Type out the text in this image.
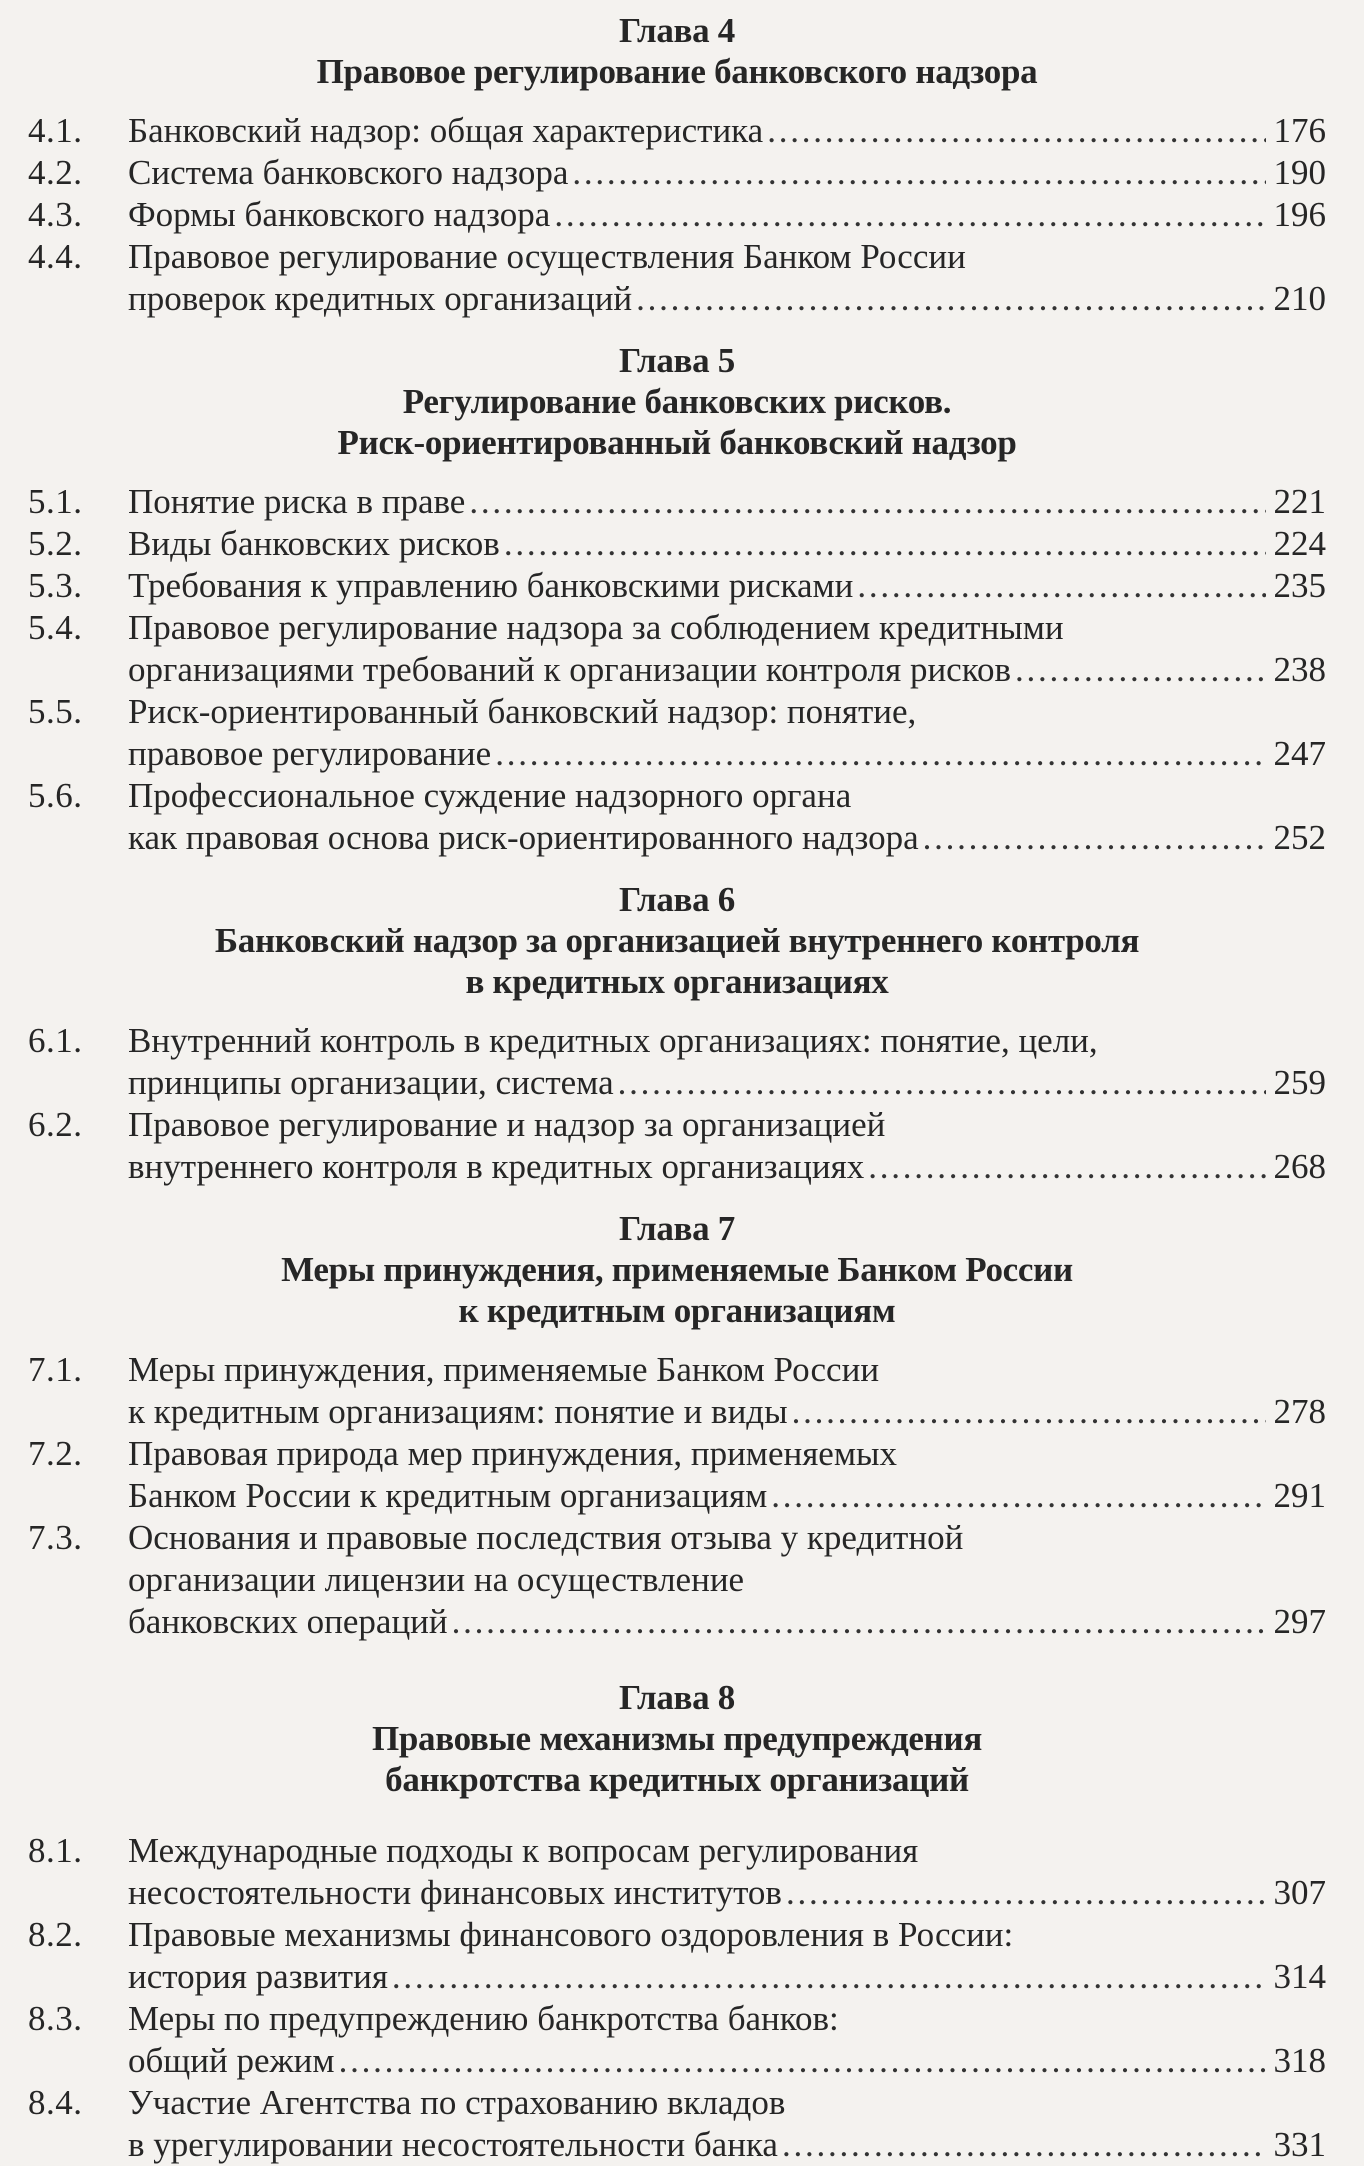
Глава 4
Правовое регулирование банковского надзора
4.1.	Банковский надзор: общая характеристика . . .	176
4.2.	Система банковского надзора . . .	190
4.3.	Формы банковского надзора . . .	196
4.4.	Правовое регулирование осуществления Банком России
проверок кредитных организаций . . .	210
Глава 5
Регулирование банковских рисков.
Риск-ориентированный банковский надзор
5.1.	Понятие риска в праве . . .	221
5.2.	Виды банковских рисков . . .	224
5.3.	Требования к управлению банковскими рисками . . .	235
5.4.	Правовое регулирование надзора за соблюдением кредитными
организациями требований к организации контроля рисков . . .	238
5.5.	Риск-ориентированный банковский надзор: понятие,
правовое регулирование . . .	247
5.6.	Профессиональное суждение надзорного органа
как правовая основа риск-ориентированного надзора . . .	252
Глава 6
Банковский надзор за организацией внутреннего контроля
в кредитных организациях
6.1.	Внутренний контроль в кредитных организациях: понятие, цели,
принципы организации, система . . .	259
6.2.	Правовое регулирование и надзор за организацией
внутреннего контроля в кредитных организациях . . .	268
Глава 7
Меры принуждения, применяемые Банком России
к кредитным организациям
7.1.	Меры принуждения, применяемые Банком России
к кредитным организациям: понятие и виды . . .	278
7.2.	Правовая природа мер принуждения, применяемых
Банком России к кредитным организациям . . .	291
7.3.	Основания и правовые последствия отзыва у кредитной
организации лицензии на осуществление
банковских операций . . .	297
Глава 8
Правовые механизмы предупреждения
банкротства кредитных организаций
8.1.	Международные подходы к вопросам регулирования
несостоятельности финансовых институтов . . .	307
8.2.	Правовые механизмы финансового оздоровления в России:
история развития . . .	314
8.3.	Меры по предупреждению банкротства банков:
общий режим . . .	318
8.4.	Участие Агентства по страхованию вкладов
в урегулировании несостоятельности банка . . .	331
